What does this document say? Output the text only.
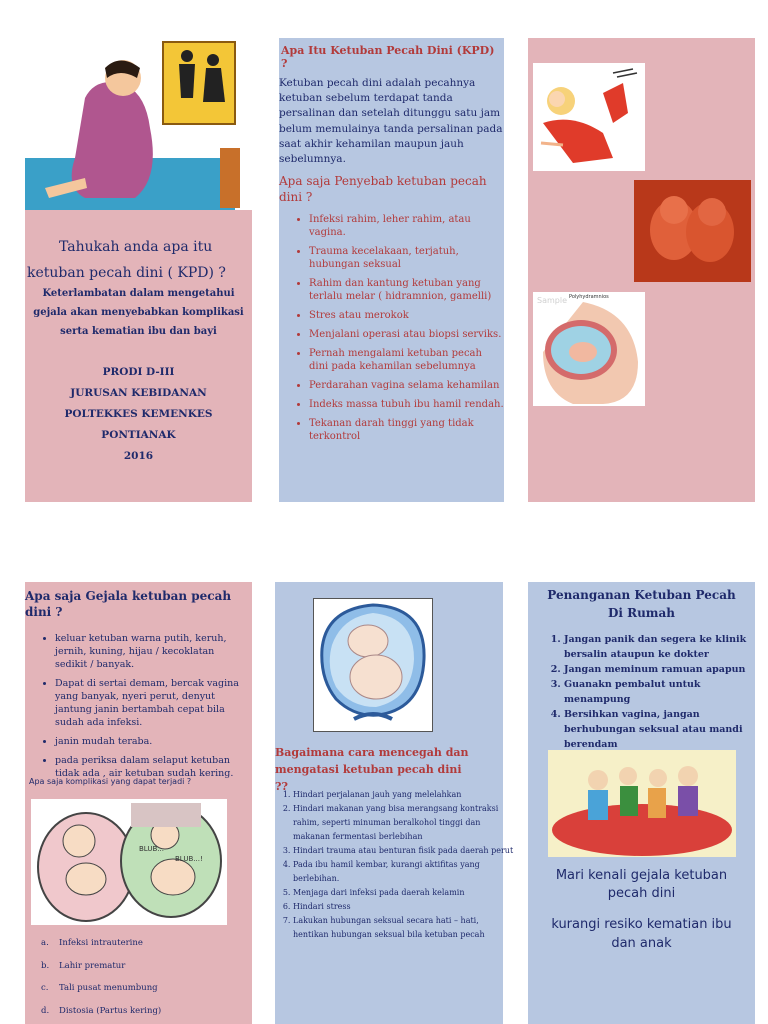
Tahukah anda apa itu
ketuban pecah dini ( KPD) ?
Keterlambatan dalam mengetahui gejala akan menyebabkan komplikasi serta kematian ibu dan bayi
PRODI D-III
JURUSAN KEBIDANAN POLTEKKES KEMENKES PONTIANAK
2016
Apa Itu Ketuban Pecah Dini (KPD) ?
Ketuban pecah dini adalah pecahnya ketuban sebelum terdapat tanda persalinan dan setelah ditunggu satu jam belum memulainya tanda persalinan pada saat akhir kehamilan maupun jauh sebelumnya.
Apa saja Penyebab ketuban pecah dini ?
• Infeksi rahim, leher rahim, atau vagina.
• Trauma kecelakaan, terjatuh, hubungan seksual
• Rahim dan kantung ketuban yang terlalu melar ( hidramnion, gamelli)
• Stres atau merokok
• Menjalani operasi atau biopsi serviks.
• Pernah mengalami ketuban pecah dini pada kehamilan sebelumnya
• Perdarahan vagina selama kehamilan
• Indeks massa tubuh ibu hamil rendah.
• Tekanan darah tinggi yang tidak terkontrol
Polyhydramnios
Sample
Apa saja Gejala ketuban pecah dini ?
• keluar ketuban warna putih, keruh, jernih, kuning, hijau / kecoklatan sedikit / banyak.
• Dapat di sertai demam, bercak vagina yang banyak, nyeri perut, denyut jantung janin bertambah cepat bila sudah ada infeksi.
• janin mudah teraba.
• pada periksa dalam selaput ketuban tidak ada , air ketuban sudah kering.
Apa saja komplikasi yang dapat terjadi ?
BLUB...
BLUB...!
a. Infeksi intrauterine
b. Lahir prematur
c. Tali pusat menumbung
d. Distosia (Partus kering)
Bagaimana cara mencegah dan mengatasi ketuban pecah dini ??
1. Hindari perjalanan jauh yang melelahkan
2. Hindari makanan yang bisa merangsang kontraksi rahim, seperti minuman beralkohol tinggi dan makanan fermentasi berlebihan
3. Hindari trauma atau benturan fisik pada daerah perut
4. Pada ibu hamil kembar, kurangi aktifitas yang berlebihan.
5. Menjaga dari infeksi pada daerah kelamin
6. Hindari stress
7. Lakukan hubungan seksual secara hati – hati, hentikan hubungan seksual bila ketuban pecah
Penanganan Ketuban Pecah Di Rumah
1. Jangan panik dan segera ke klinik bersalin ataupun ke dokter
2. Jangan meminum ramuan apapun
3. Guanakn pembalut untuk menampung
4. Bersihkan vagina, jangan berhubungan seksual atau mandi berendam
5.
Mari kenali gejala ketuban pecah dini
kurangi resiko kematian ibu dan anak
